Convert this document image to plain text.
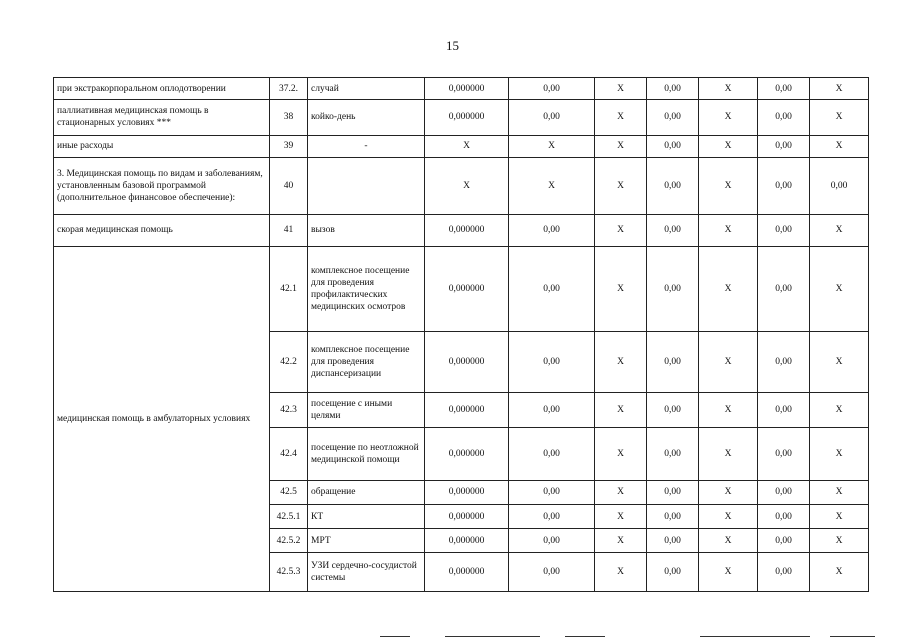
15
при экстракорпоральном оплодотворении	37.2.	случай	0,000000	0,00	Х	0,00	Х	0,00	Х
паллиативная медицинская помощь в стационарных условиях ***	38	койко-день	0,000000	0,00	Х	0,00	Х	0,00	Х
иные расходы	39	-	Х	Х	Х	0,00	Х	0,00	Х
3. Медицинская помощь по видам и заболеваниям, установленным базовой программой (дополнительное финансовое обеспечение):	40		Х	Х	Х	0,00	Х	0,00	0,00
скорая медицинская помощь	41	вызов	0,000000	0,00	Х	0,00	Х	0,00	Х
медицинская помощь в амбулаторных условиях	42.1	комплексное посещение для проведения профилактических медицинских осмотров	0,000000	0,00	Х	0,00	Х	0,00	Х
	42.2	комплексное посещение для проведения диспансеризации	0,000000	0,00	Х	0,00	Х	0,00	Х
	42.3	посещение с иными целями	0,000000	0,00	Х	0,00	Х	0,00	Х
	42.4	посещение по неотложной медицинской помощи	0,000000	0,00	Х	0,00	Х	0,00	Х
	42.5	обращение	0,000000	0,00	Х	0,00	Х	0,00	Х
	42.5.1	КТ	0,000000	0,00	Х	0,00	Х	0,00	Х
	42.5.2	МРТ	0,000000	0,00	Х	0,00	Х	0,00	Х
	42.5.3	УЗИ сердечно-сосудистой системы	0,000000	0,00	Х	0,00	Х	0,00	Х
